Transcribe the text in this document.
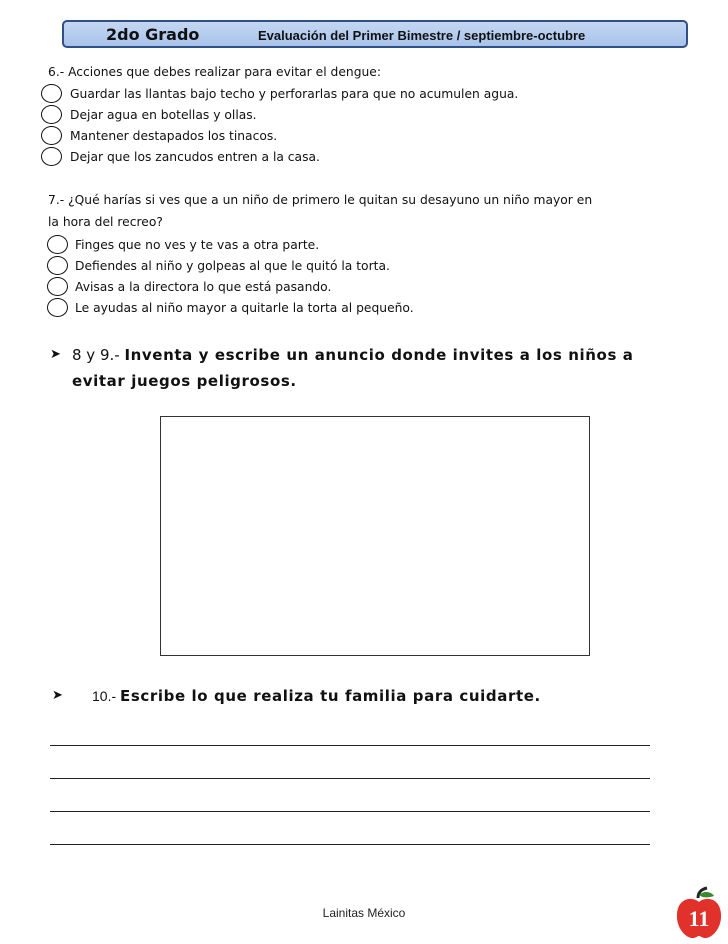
2do Grado	Evaluación del Primer Bimestre / septiembre-octubre
6.- Acciones que debes realizar para evitar el dengue:
Guardar las llantas bajo techo y perforarlas para que no acumulen agua.
Dejar agua en botellas y ollas.
Mantener destapados los tinacos.
Dejar que los zancudos entren a la casa.
7.- ¿Qué harías si ves que a un niño de primero le quitan su desayuno un niño mayor en
la hora del recreo?
Finges que no ves y te vas a otra parte.
Defiendes al niño y golpeas al que le quitó la torta.
Avisas a la directora lo que está pasando.
Le ayudas al niño mayor a quitarle la torta al pequeño.
➤ 8 y 9.- Inventa y escribe un anuncio donde invites a los niños a
evitar juegos peligrosos.
➤ 10.- Escribe lo que realiza tu familia para cuidarte.
Lainitas México	11
